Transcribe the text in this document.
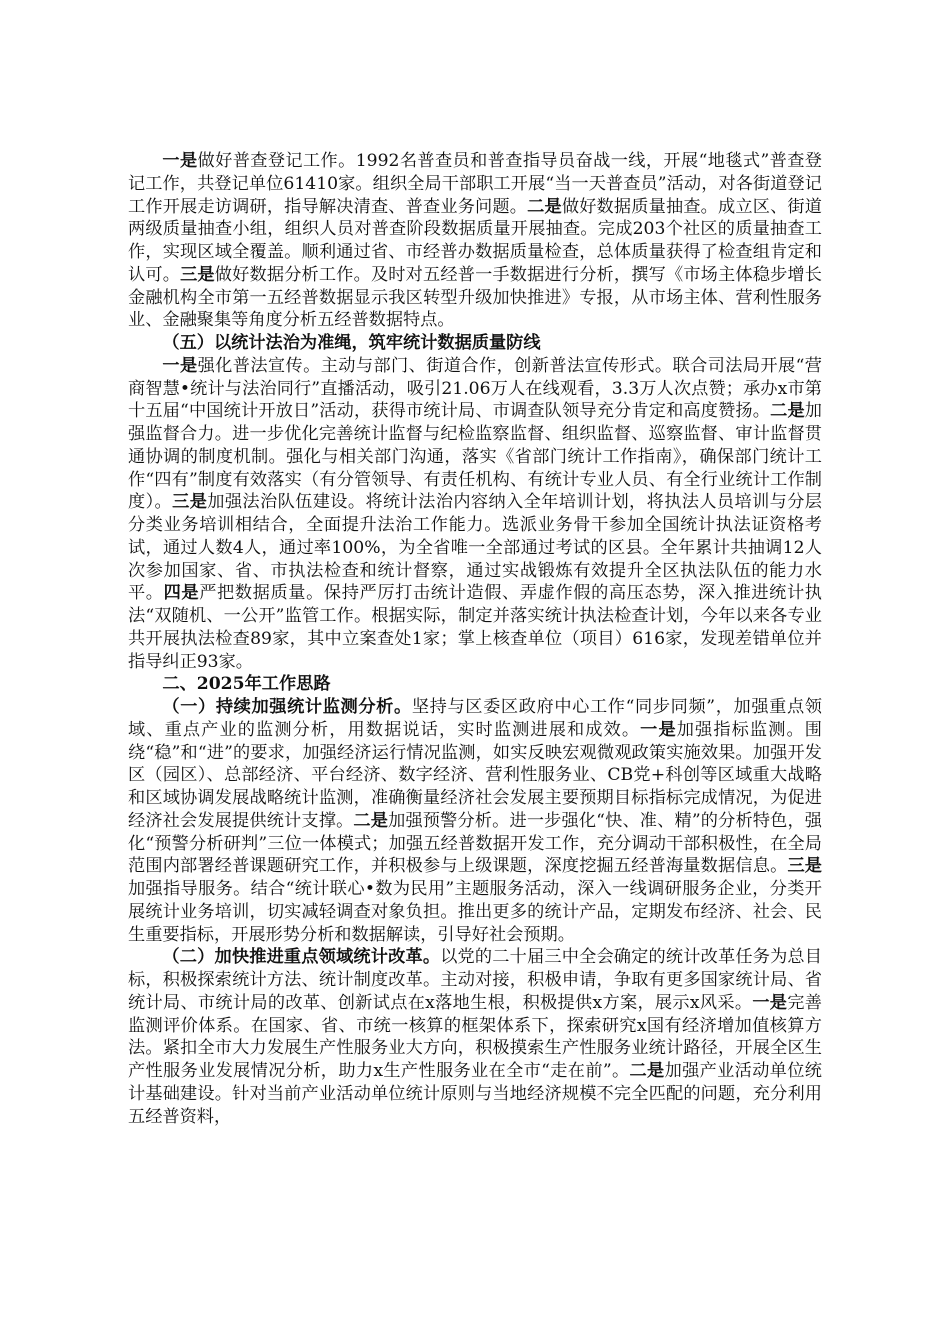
一是做好普查登记工作。1992名普查员和普查指导员奋战一线，开展“地毯式”普查登记工作，共登记单位61410家。组织全局干部职工开展“当一天普查员”活动，对各街道登记工作开展走访调研，指导解决清查、普查业务问题。二是做好数据质量抽查。成立区、街道两级质量抽查小组，组织人员对普查阶段数据质量开展抽查。完成203个社区的质量抽查工作，实现区域全覆盖。顺利通过省、市经普办数据质量检查，总体质量获得了检查组肯定和认可。三是做好数据分析工作。及时对五经普一手数据进行分析，撰写《市场主体稳步增长金融机构全市第一五经普数据显示我区转型升级加快推进》专报，从市场主体、营利性服务业、金融聚集等角度分析五经普数据特点。

（五）以统计法治为准绳，筑牢统计数据质量防线

一是强化普法宣传。主动与部门、街道合作，创新普法宣传形式。联合司法局开展“营商智慧•统计与法治同行”直播活动，吸引21.06万人在线观看，3.3万人次点赞；承办x市第十五届“中国统计开放日”活动，获得市统计局、市调查队领导充分肯定和高度赞扬。二是加强监督合力。进一步优化完善统计监督与纪检监察监督、组织监督、巡察监督、审计监督贯通协调的制度机制。强化与相关部门沟通，落实《省部门统计工作指南》，确保部门统计工作“四有”制度有效落实（有分管领导、有责任机构、有统计专业人员、有全行业统计工作制度）。三是加强法治队伍建设。将统计法治内容纳入全年培训计划，将执法人员培训与分层分类业务培训相结合，全面提升法治工作能力。选派业务骨干参加全国统计执法证资格考试，通过人数4人，通过率100%，为全省唯一全部通过考试的区县。全年累计共抽调12人次参加国家、省、市执法检查和统计督察，通过实战锻炼有效提升全区执法队伍的能力水平。四是严把数据质量。保持严厉打击统计造假、弄虚作假的高压态势，深入推进统计执法“双随机、一公开”监管工作。根据实际，制定并落实统计执法检查计划，今年以来各专业共开展执法检查89家，其中立案查处1家；掌上核查单位（项目）616家，发现差错单位并指导纠正93家。

二、2025年工作思路

（一）持续加强统计监测分析。坚持与区委区政府中心工作“同步同频”，加强重点领域、重点产业的监测分析，用数据说话，实时监测进展和成效。一是加强指标监测。围绕“稳”和“进”的要求，加强经济运行情况监测，如实反映宏观微观政策实施效果。加强开发区（园区）、总部经济、平台经济、数字经济、营利性服务业、CB党+科创等区域重大战略和区域协调发展战略统计监测，准确衡量经济社会发展主要预期目标指标完成情况，为促进经济社会发展提供统计支撑。二是加强预警分析。进一步强化“快、准、精”的分析特色，强化“预警分析研判”三位一体模式；加强五经普数据开发工作，充分调动干部积极性，在全局范围内部署经普课题研究工作，并积极参与上级课题，深度挖掘五经普海量数据信息。三是加强指导服务。结合“统计联心•数为民用”主题服务活动，深入一线调研服务企业，分类开展统计业务培训，切实减轻调查对象负担。推出更多的统计产品，定期发布经济、社会、民生重要指标，开展形势分析和数据解读，引导好社会预期。

（二）加快推进重点领域统计改革。以党的二十届三中全会确定的统计改革任务为总目标，积极探索统计方法、统计制度改革。主动对接，积极申请，争取有更多国家统计局、省统计局、市统计局的改革、创新试点在x落地生根，积极提供x方案，展示x风采。一是完善监测评价体系。在国家、省、市统一核算的框架体系下，探索研究x国有经济增加值核算方法。紧扣全市大力发展生产性服务业大方向，积极摸索生产性服务业统计路径，开展全区生产性服务业发展情况分析，助力x生产性服务业在全市“走在前”。二是加强产业活动单位统计基础建设。针对当前产业活动单位统计原则与当地经济规模不完全匹配的问题，充分利用五经普资料，
